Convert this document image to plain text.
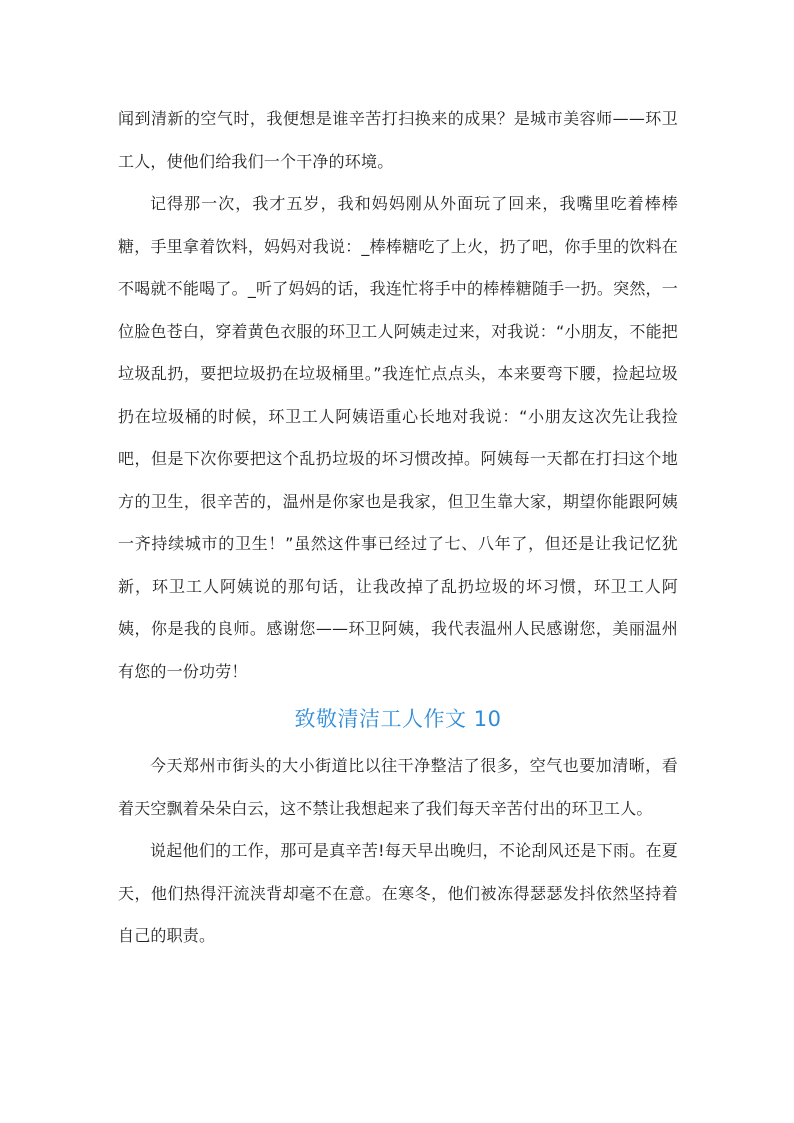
闻到清新的空气时，我便想是谁辛苦打扫换来的成果？是城市美容师——环卫工人，使他们给我们一个干净的环境。

记得那一次，我才五岁，我和妈妈刚从外面玩了回来，我嘴里吃着棒棒糖，手里拿着饮料，妈妈对我说：_棒棒糖吃了上火，扔了吧，你手里的饮料在不喝就不能喝了。_听了妈妈的话，我连忙将手中的棒棒糖随手一扔。突然，一位脸色苍白，穿着黄色衣服的环卫工人阿姨走过来，对我说：“小朋友，不能把垃圾乱扔，要把垃圾扔在垃圾桶里。”我连忙点点头，本来要弯下腰，捡起垃圾扔在垃圾桶的时候，环卫工人阿姨语重心长地对我说：“小朋友这次先让我捡吧，但是下次你要把这个乱扔垃圾的坏习惯改掉。阿姨每一天都在打扫这个地方的卫生，很辛苦的，温州是你家也是我家，但卫生靠大家，期望你能跟阿姨一齐持续城市的卫生！”虽然这件事已经过了七、八年了，但还是让我记忆犹新，环卫工人阿姨说的那句话，让我改掉了乱扔垃圾的坏习惯，环卫工人阿姨，你是我的良师。感谢您——环卫阿姨，我代表温州人民感谢您，美丽温州有您的一份功劳！

致敬清洁工人作文 10

今天郑州市街头的大小街道比以往干净整洁了很多，空气也要加清晰，看着天空飘着朵朵白云，这不禁让我想起来了我们每天辛苦付出的环卫工人。

说起他们的工作，那可是真辛苦!每天早出晚归，不论刮风还是下雨。在夏天，他们热得汗流浃背却毫不在意。在寒冬，他们被冻得瑟瑟发抖依然坚持着自己的职责。
